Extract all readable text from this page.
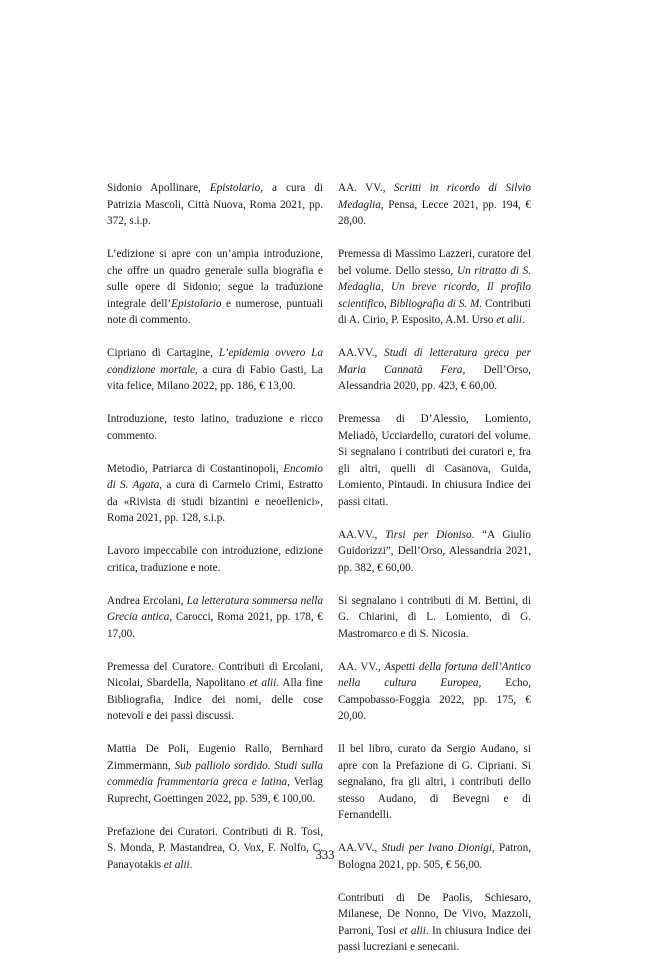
Sidonio Apollinare, Epistolario, a cura di Patrizia Mascoli, Città Nuova, Roma 2021, pp. 372, s.i.p.

L’edizione si apre con un’ampia introduzione, che offre un quadro generale sulla biografia e sulle opere di Sidonio; segue la traduzione integrale dell’Epistolario e numerose, puntuali note di commento.

Cipriano di Cartagine, L’epidemia ovvero La condizione mortale, a cura di Fabio Gasti, La vita felice, Milano 2022, pp. 186, € 13,00.

Introduzione, testo latino, traduzione e ricco commento.

Metodio, Patriarca di Costantinopoli, Encomio di S. Agata, a cura di Carmelo Crimi, Estratto da «Rivista di studi bizantini e neoellenici», Roma 2021, pp. 128, s.i.p.

Lavoro impeccabile con introduzione, edizione critica, traduzione e note.

Andrea Ercolani, La letteratura sommersa nella Grecia antica, Carocci, Roma 2021, pp. 178, € 17,00.

Premessa del Curatore. Contributi di Ercolani, Nicolai, Sbardella, Napolitano et alii. Alla fine Bibliografia, Indice dei nomi, delle cose notevoli e dei passi discussi.

Mattia De Poli, Eugenio Rallo, Bernhard Zimmermann, Sub palliolo sordido. Studi sulla commedia frammentaria greca e latina, Verlag Ruprecht, Goettingen 2022, pp. 539, € 100,00.

Prefazione dei Curatori. Contributi di R. Tosi, S. Monda, P. Mastandrea, O. Vox, F. Nolfo, C. Panayotakis et alii.

AA. VV., Scritti in ricordo di Silvio Medaglia, Pensa, Lecce 2021, pp. 194, € 28,00.

Premessa di Massimo Lazzeri, curatore del bel volume. Dello stesso, Un ritratto di S. Medaglia, Un breve ricordo, Il profilo scientifico, Bibliografia di S. M. Contributi di A. Cirio, P. Esposito, A.M. Urso et alii.

AA.VV., Studi di letteratura greca per Maria Cannatà Fera, Dell’Orso, Alessandria 2020, pp. 423, € 60,00.

Premessa di D’Alessio, Lomiento, Meliadò, Ucciardello, curatori del volume. Si segnalano i contributi dei curatori e, fra gli altri, quelli di Casanova, Guida, Lomiento, Pintaudi. In chiusura Indice dei passi citati.

AA.VV., Tirsi per Dioniso. “A Giulio Guidorizzi”, Dell’Orso, Alessandria 2021, pp. 382, € 60,00.

Si segnalano i contributi di M. Bettini, di G. Chiarini, di L. Lomiento, di G. Mastromarco e di S. Nicosia.

AA. VV., Aspetti della fortuna dell’Antico nella cultura Europea, Echo, Campobasso-Foggia 2022, pp. 175, € 20,00.

Il bel libro, curato da Sergio Audano, si apre con la Prefazione di G. Cipriani. Si segnalano, fra gli altri, i contributi dello stesso Audano, di Bevegni e di Fernandelli.

AA.VV., Studi per Ivano Dionigi, Patron, Bologna 2021, pp. 505, € 56,00.

Contributi di De Paolis, Schiesaro, Milanese, De Nonno, De Vivo, Mazzoli, Parroni, Tosi et alii. In chiusura Indice dei passi lucreziani e senecani.

333
